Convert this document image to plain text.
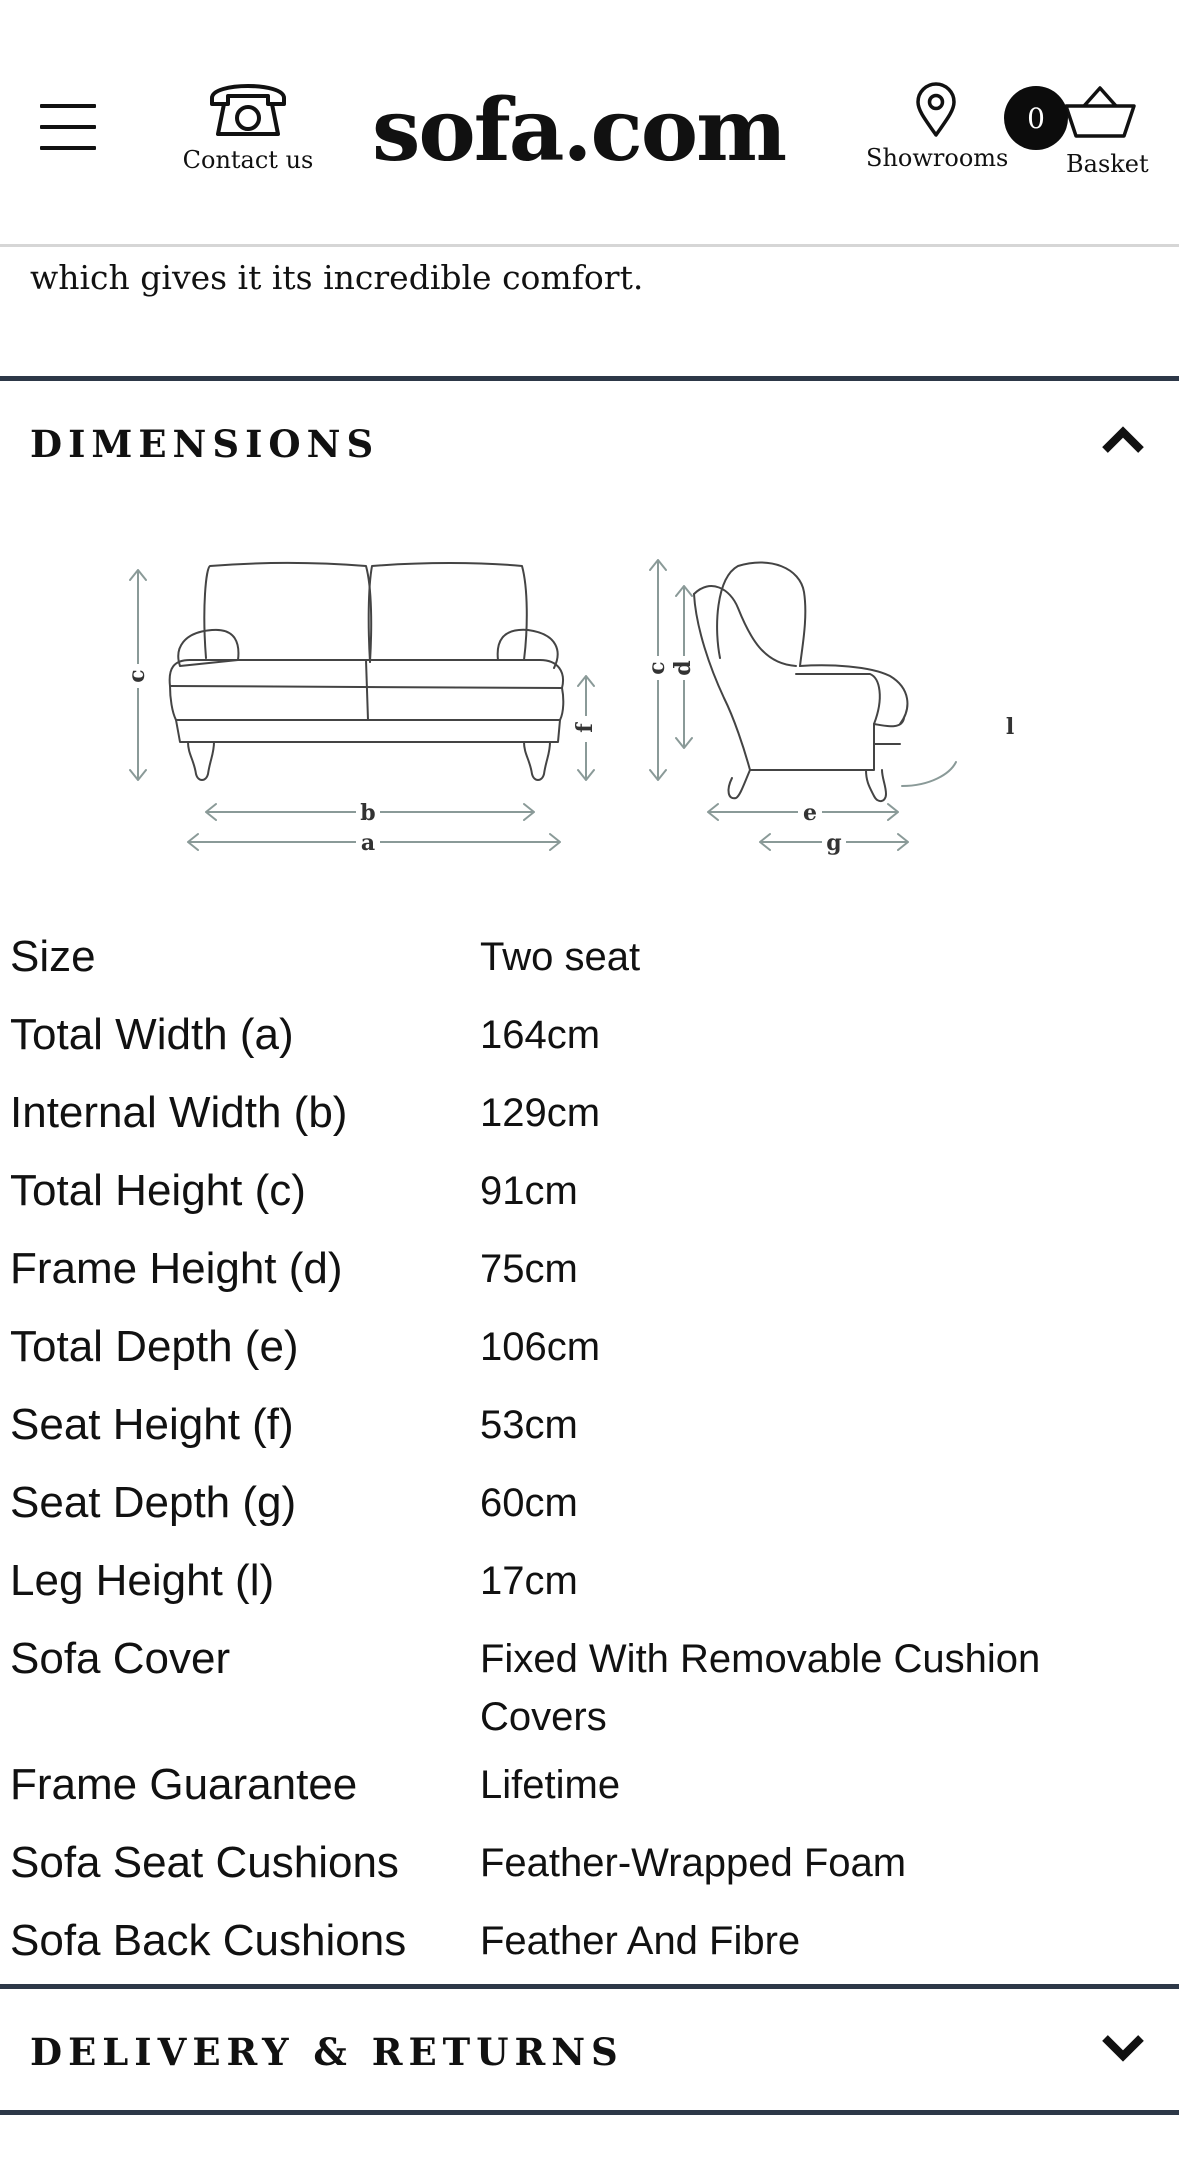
Contact us sofa.com	Showrooms
0
Basket
which gives it its incredible comfort.
DIMENSIONS
c
b
a
f
c d
l
e
g
Size	Two seat
Total Width (a)	164cm
Internal Width (b)	129cm
Total Height (c)	91cm
Frame Height (d)	75cm
Total Depth (e)	106cm
Seat Height (f)	53cm
Seat Depth (g)	60cm
Leg Height (l)	17cm
Sofa Cover	Fixed With Removable Cushion Covers
Frame Guarantee	Lifetime
Sofa Seat Cushions	Feather-Wrapped Foam
Sofa Back Cushions	Feather And Fibre
DELIVERY & RETURNS
